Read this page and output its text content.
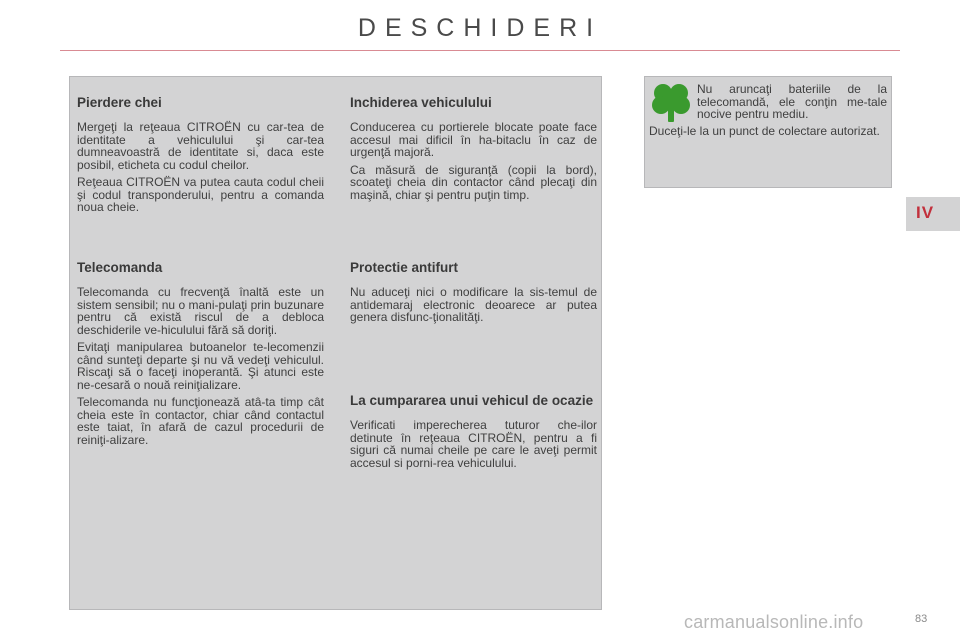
DESCHIDERI
Pierdere chei

Mergeţi la reţeaua CITROËN cu car-tea de identitate a vehiculului şi car-tea dumneavoastră de identitate si, daca este posibil, eticheta cu codul cheilor.

Reţeaua CITROËN va putea cauta codul cheii şi codul transponderului, pentru a comanda noua cheie.

Telecomanda

Telecomanda cu frecvenţă înaltă este un sistem sensibil; nu o mani-pulaţi prin buzunare pentru că există riscul de a debloca deschiderile ve-hiculului fără să doriţi.

Evitaţi manipularea butoanelor te-lecomenzii când sunteţi departe şi nu vă vedeţi vehiculul. Riscaţi să o faceţi inoperantă. Şi atunci este ne-cesară o nouă reiniţializare.

Telecomanda nu funcţionează atâ-ta timp cât cheia este în contactor, chiar când contactul este taiat, în afară de cazul procedurii de reiniţi-alizare.

Inchiderea vehiculului

Conducerea cu portierele blocate poate face accesul mai dificil în ha-bitaclu în caz de urgenţă majoră.

Ca măsură de siguranţă (copii la bord), scoateţi cheia din contactor când plecaţi din maşină, chiar şi pentru puţin timp.

Protectie antifurt

Nu aduceţi nici o modificare la sis-temul de antidemaraj electronic deoarece ar putea genera disfunc-ţionalităţi.

La cumpararea unui vehicul de ocazie

Verificati imperecherea tuturor che-ilor detinute în reţeaua CITROËN, pentru a fi siguri că numai cheile pe care le aveţi permit accesul si porni-rea vehiculului.

Nu aruncaţi bateriile de la telecomandă, ele conţin me-tale nocive pentru mediu.

Duceţi-le la un punct de colectare autorizat.

IV
carmanualsonline.info	83
